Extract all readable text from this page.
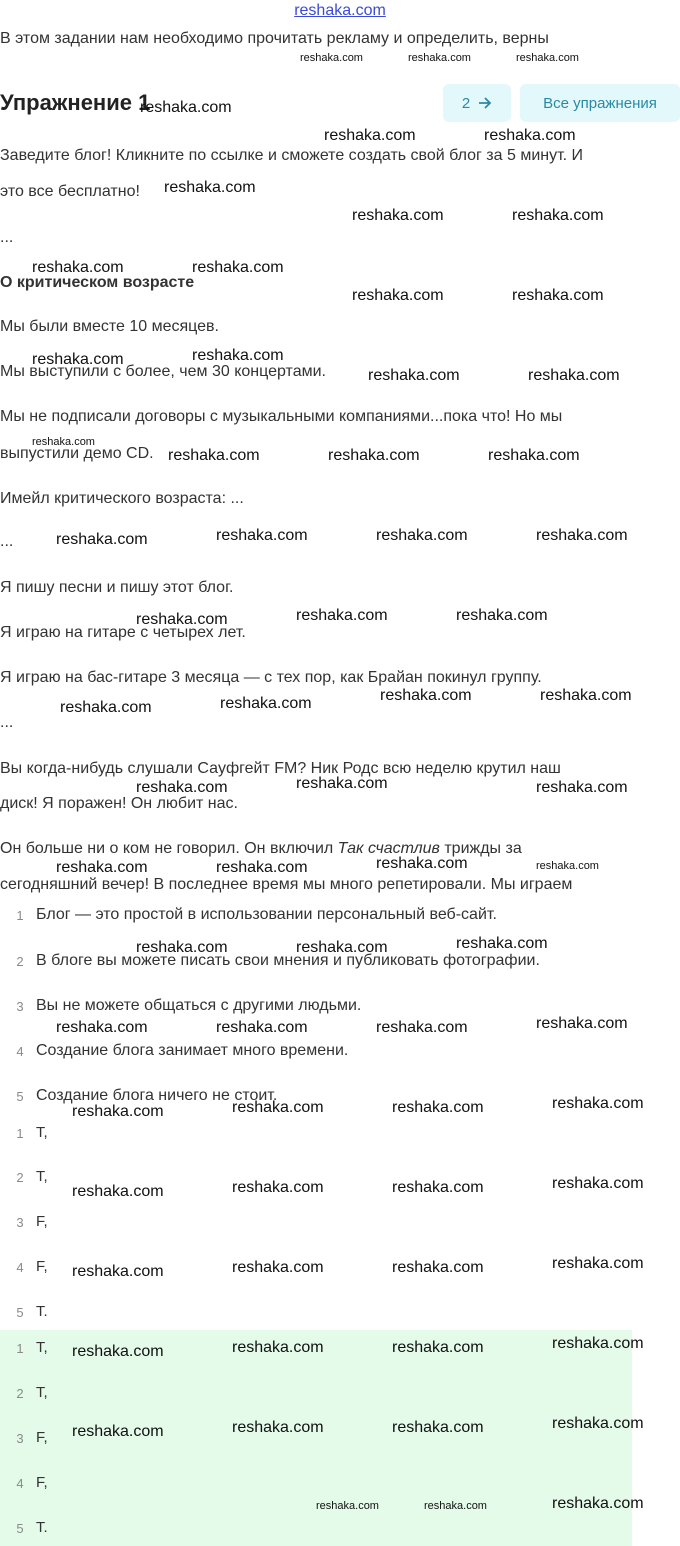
reshaka.com
В этом задании нам необходимо прочитать рекламу и определить, верны
Упражнение 1	2	Все упражнения
Заведите блог! Кликните по ссылке и сможете создать свой блог за 5 минут. И
это все бесплатно!
...
О критическом возрасте
Мы были вместе 10 месяцев.
Мы выступили с более, чем 30 концертами.
Мы не подписали договоры с музыкальными компаниями...пока что! Но мы
выпустили демо CD.
Имейл критического возраста: ...
...
Я пишу песни и пишу этот блог.
Я играю на гитаре с четырех лет.
Я играю на бас-гитаре 3 месяца — с тех пор, как Брайан покинул группу.
...
Вы когда-нибудь слушали Саyфгейт FM? Ник Родс всю неделю крутил наш
диск! Я поражен! Он любит нас.
Он больше ни о ком не говорил. Он включил Так счастлив трижды за
сегодняшний вечер! В последнее время мы много репетировали. Мы играем
1 Блог — это простой в использовании персональный веб-сайт.
2 В блоге вы можете писать свои мнения и публиковать фотографии.
3 Вы не можете общаться с другими людьми.
4 Создание блога занимает много времени.
5 Создание блога ничего не стоит.
1 T,
2 T,
3 F,
4 F,
5 T.
1 T,
2 T,
3 F,
4 F,
5 T.
reshaka.com	reshaka.com	reshaka.com
reshaka.com
reshaka.com	reshaka.com
reshaka.com
reshaka.com	reshaka.com
reshaka.com	reshaka.com
reshaka.com	reshaka.com
reshaka.com	reshaka.com
reshaka.com	reshaka.com
reshaka.com
reshaka.com	reshaka.com	reshaka.com
reshaka.com	reshaka.com	reshaka.com	reshaka.com
reshaka.com	reshaka.com
reshaka.com
reshaka.com	reshaka.com
reshaka.com	reshaka.com
reshaka.com
reshaka.com	reshaka.com
reshaka.com	reshaka.com	reshaka.com	reshaka.com
reshaka.com	reshaka.com	reshaka.com
reshaka.com	reshaka.com	reshaka.com	reshaka.com
reshaka.com	reshaka.com	reshaka.com	reshaka.com
reshaka.com	reshaka.com	reshaka.com	reshaka.com
reshaka.com	reshaka.com	reshaka.com	reshaka.com
reshaka.com	reshaka.com	reshaka.com	reshaka.com
reshaka.com	reshaka.com	reshaka.com	reshaka.com
reshaka.com	reshaka.com	reshaka.com
